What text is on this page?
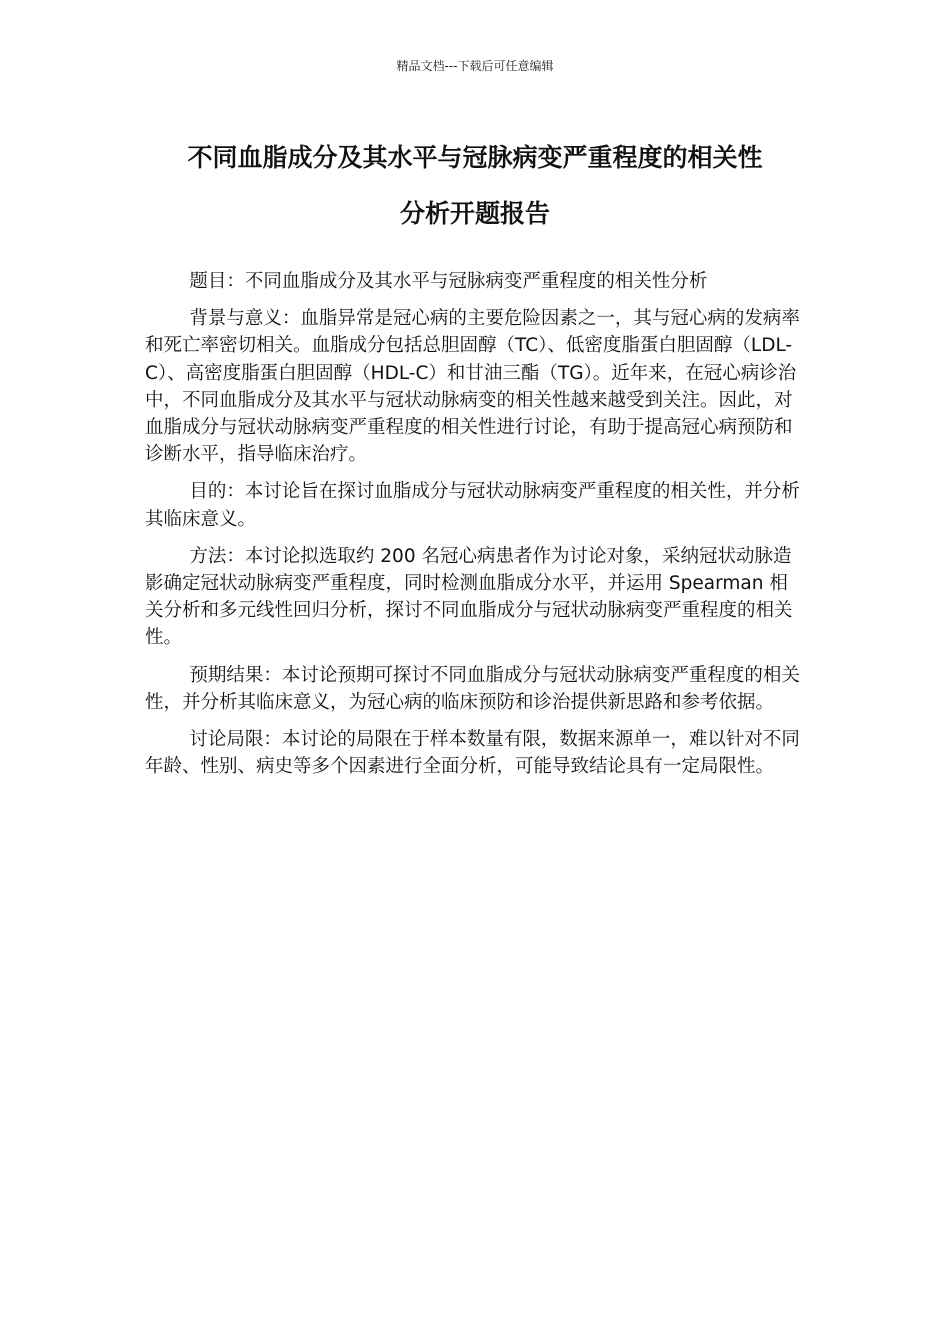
精品文档---下载后可任意编辑
不同血脂成分及其水平与冠脉病变严重程度的相关性
分析开题报告

题目：不同血脂成分及其水平与冠脉病变严重程度的相关性分析

背景与意义：血脂异常是冠心病的主要危险因素之一，其与冠心病的发病率和死亡率密切相关。血脂成分包括总胆固醇（TC）、低密度脂蛋白胆固醇（LDL-C）、高密度脂蛋白胆固醇（HDL-C）和甘油三酯（TG）。近年来，在冠心病诊治中，不同血脂成分及其水平与冠状动脉病变的相关性越来越受到关注。因此，对血脂成分与冠状动脉病变严重程度的相关性进行讨论，有助于提高冠心病预防和诊断水平，指导临床治疗。

目的：本讨论旨在探讨血脂成分与冠状动脉病变严重程度的相关性，并分析其临床意义。

方法：本讨论拟选取约 200 名冠心病患者作为讨论对象，采纳冠状动脉造影确定冠状动脉病变严重程度，同时检测血脂成分水平，并运用 Spearman 相关分析和多元线性回归分析，探讨不同血脂成分与冠状动脉病变严重程度的相关性。

预期结果：本讨论预期可探讨不同血脂成分与冠状动脉病变严重程度的相关性，并分析其临床意义，为冠心病的临床预防和诊治提供新思路和参考依据。

讨论局限：本讨论的局限在于样本数量有限，数据来源单一，难以针对不同年龄、性别、病史等多个因素进行全面分析，可能导致结论具有一定局限性。
